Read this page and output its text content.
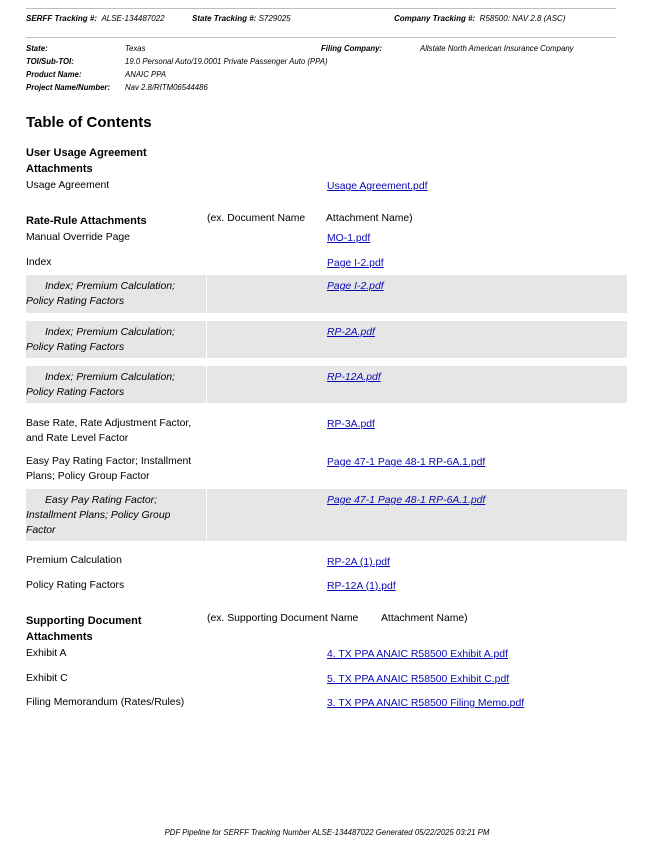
SERFF Tracking #: ALSE-134487022	State Tracking #: S729025	Company Tracking #: R58500: NAV 2.8 (ASC)
State:	Texas	Filing Company:	Allstate North American Insurance Company
TOI/Sub-TOI:	19.0 Personal Auto/19.0001 Private Passenger Auto (PPA)
Product Name:	ANAIC PPA
Project Name/Number: Nav 2.8/RITM06544486
Table of Contents
User Usage Agreement
Attachments
Usage Agreement	Usage Agreement.pdf
Rate-Rule Attachments	(ex. Document Name Attachment Name)
Manual Override Page	MO-1.pdf
Index	Page I-2.pdf
Index; Premium Calculation;
Policy Rating Factors
Page I-2.pdf
Index; Premium Calculation;
Policy Rating Factors
RP-2A.pdf
Index; Premium Calculation;
Policy Rating Factors
RP-12A.pdf
Base Rate, Rate Adjustment Factor,
and Rate Level Factor
RP-3A.pdf
Easy Pay Rating Factor; Installment
Plans; Policy Group Factor
Page 47-1 Page 48-1 RP-6A.1.pdf
Easy Pay Rating Factor;
Installment Plans; Policy Group
Factor
Page 47-1 Page 48-1 RP-6A.1.pdf
Premium Calculation	RP-2A (1).pdf
Policy Rating Factors	RP-12A (1).pdf
Supporting Document
Attachments
(ex. Supporting Document Name Attachment Name)
Exhibit A	4. TX PPA ANAIC R58500 Exhibit A.pdf
Exhibit C	5. TX PPA ANAIC R58500 Exhibit C.pdf
Filing Memorandum (Rates/Rules)	3. TX PPA ANAIC R58500 Filing Memo.pdf
PDF Pipeline for SERFF Tracking Number ALSE-134487022 Generated 05/22/2025 03:21 PM
